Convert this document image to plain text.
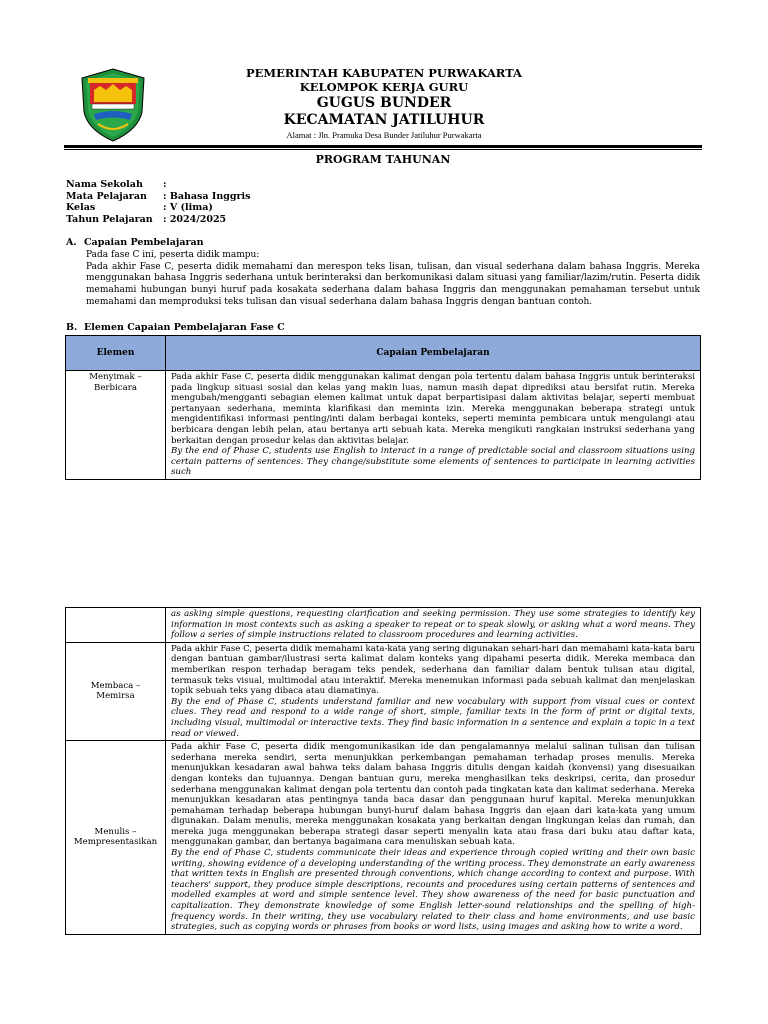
PEMERINTAH KABUPATEN PURWAKARTA
KELOMPOK KERJA GURU
GUGUS BUNDER
KECAMATAN JATILUHUR
Alamat : Jln. Pramuka Desa Bunder Jatiluhur Purwakarta
PROGRAM TAHUNAN
Nama Sekolah	:
Mata Pelajaran	: Bahasa Inggris
Kelas	: V (lima)
Tahun Pelajaran	: 2024/2025
A. Capaian Pembelajaran

Pada fase C ini, peserta didik mampu:

Pada akhir Fase C, peserta didik memahami dan merespon teks lisan, tulisan, dan visual sederhana dalam bahasa Inggris. Mereka menggunakan bahasa Inggris sederhana untuk berinteraksi dan berkomunikasi dalam situasi yang familiar/lazim/rutin. Peserta didik memahami hubungan bunyi huruf pada kosakata sederhana dalam bahasa Inggris dan menggunakan pemahaman tersebut untuk memahami dan memproduksi teks tulisan dan visual sederhana dalam bahasa Inggris dengan bantuan contoh.

B. Elemen Capaian Pembelajaran Fase C
Elemen	Capaian Pembelajaran
Menyimak – Berbicara	Pada akhir Fase C, peserta didik menggunakan kalimat dengan pola tertentu dalam bahasa Inggris untuk berinteraksi pada lingkup situasi sosial dan kelas yang makin luas, namun masih dapat diprediksi atau bersifat rutin. Mereka mengubah/mengganti sebagian elemen kalimat untuk dapat berpartisipasi dalam aktivitas belajar, seperti membuat pertanyaan sederhana, meminta klarifikasi dan meminta izin. Mereka menggunakan beberapa strategi untuk mengidentifikasi informasi penting/inti dalam berbagai konteks, seperti meminta pembicara untuk mengulangi atau berbicara dengan lebih pelan, atau bertanya arti sebuah kata. Mereka mengikuti rangkaian instruksi sederhana yang berkaitan dengan prosedur kelas dan aktivitas belajar.
By the end of Phase C, students use English to interact in a range of predictable social and classroom situations using certain patterns of sentences. They change/substitute some elements of sentences to participate in learning activities such

	as asking simple questions, requesting clarification and seeking permission. They use some strategies to identify key information in most contexts such as asking a speaker to repeat or to speak slowly, or asking what a word means. They follow a series of simple instructions related to classroom procedures and learning activities.

Membaca – Memirsa	Pada akhir Fase C, peserta didik memahami kata-kata yang sering digunakan sehari-hari dan memahami kata-kata baru dengan bantuan gambar/ilustrasi serta kalimat dalam konteks yang dipahami peserta didik. Mereka membaca dan memberikan respon terhadap beragam teks pendek, sederhana dan familiar dalam bentuk tulisan atau digital, termasuk teks visual, multimodal atau interaktif. Mereka menemukan informasi pada sebuah kalimat dan menjelaskan topik sebuah teks yang dibaca atau diamatinya.
By the end of Phase C, students understand familiar and new vocabulary with support from visual cues or context clues. They read and respond to a wide range of short, simple, familiar texts in the form of print or digital texts, including visual, multimodal or interactive texts. They find basic information in a sentence and explain a topic in a text read or viewed.

Menulis – Mempresentasikan	Pada akhir Fase C, peserta didik mengomunikasikan ide dan pengalamannya melalui salinan tulisan dan tulisan sederhana mereka sendiri, serta menunjukkan perkembangan pemahaman terhadap proses menulis. Mereka menunjukkan kesadaran awal bahwa teks dalam bahasa Inggris ditulis dengan kaidah (konvensi) yang disesuaikan dengan konteks dan tujuannya. Dengan bantuan guru, mereka menghasilkan teks deskripsi, cerita, dan prosedur sederhana menggunakan kalimat dengan pola tertentu dan contoh pada tingkatan kata dan kalimat sederhana. Mereka menunjukkan kesadaran atas pentingnya tanda baca dasar dan penggunaan huruf kapital. Mereka menunjukkan pemahaman terhadap beberapa hubungan bunyi-huruf dalam bahasa Inggris dan ejaan dari kata-kata yang umum digunakan. Dalam menulis, mereka menggunakan kosakata yang berkaitan dengan lingkungan kelas dan rumah, dan mereka juga menggunakan beberapa strategi dasar seperti menyalin kata atau frasa dari buku atau daftar kata, menggunakan gambar, dan bertanya bagaimana cara menuliskan sebuah kata.
By the end of Phase C, students communicate their ideas and experience through copied writing and their own basic writing, showing evidence of a developing understanding of the writing process. They demonstrate an early awareness that written texts in English are presented through conventions, which change according to context and purpose. With teachers' support, they produce simple descriptions, recounts and procedures using certain patterns of sentences and modelled examples at word and simple sentence level. They show awareness of the need for basic punctuation and capitalization. They demonstrate knowledge of some English letter-sound relationships and the spelling of high-frequency words. In their writing, they use vocabulary related to their class and home environments, and use basic strategies, such as copying words or phrases from books or word lists, using images and asking how to write a word.
